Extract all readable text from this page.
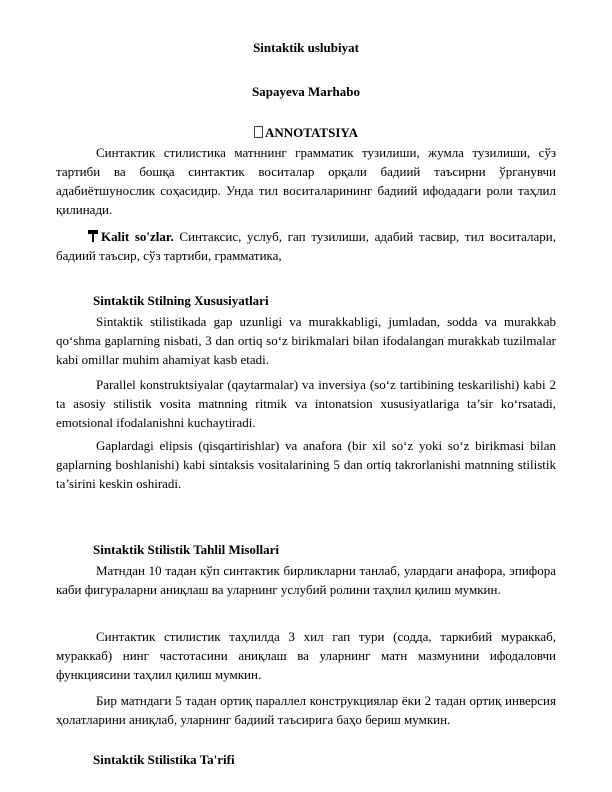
Sintaktik uslubiyat
Sapayeva Marhabo
ANNOTATSIYA
Синтактик стилистика матннинг грамматик тузилиши, жумла тузилиши, сўз тартиби ва бошқа синтактик воситалар орқали бадиий таъсирни ўрганувчи адабиётшунослик соҳасидир. Унда тил воситаларининг бадиий ифодадаги роли таҳлил қилинади.
Kalit so'zlar. Синтаксис, услуб, гап тузилиши, адабий тасвир, тил воситалари, бадиий таъсир, сўз тартиби, грамматика,
Sintaktik Stilning Xususiyatlari
Sintaktik stilistikada gap uzunligi va murakkabligi, jumladan, sodda va murakkab qo‘shma gaplarning nisbati, 3 dan ortiq so‘z birikmalari bilan ifodalangan murakkab tuzilmalar kabi omillar muhim ahamiyat kasb etadi.
Parallel konstruktsiyalar (qaytarmalar) va inversiya (so‘z tartibining teskarilishi) kabi 2 ta asosiy stilistik vosita matnning ritmik va intonatsion xususiyatlariga ta’sir ko‘rsatadi, emotsional ifodalanishni kuchaytiradi.
Gaplardagi elipsis (qisqartirishlar) va anafora (bir xil so‘z yoki so‘z birikmasi bilan gaplarning boshlanishi) kabi sintaksis vositalarining 5 dan ortiq takrorlanishi matnning stilistik ta’sirini keskin oshiradi.
Sintaktik Stilistik Tahlil Misollari
Матндан 10 тадан кўп синтактик бирликларни танлаб, улардаги анафора, эпифора каби фигураларни аниқлаш ва уларнинг услубий ролини таҳлил қилиш мумкин.
Синтактик стилистик таҳлилда 3 хил гап тури (содда, таркибий мураккаб, мураккаб) нинг частотасини аниқлаш ва уларнинг матн мазмунини ифодаловчи функциясини таҳлил қилиш мумкин.
Бир матндаги 5 тадан ортиқ параллел конструкциялар ёки 2 тадан ортиқ инверсия ҳолатларини аниқлаб, уларнинг бадиий таъсирига баҳо бериш мумкин.
Sintaktik Stilistika Ta'rifi
